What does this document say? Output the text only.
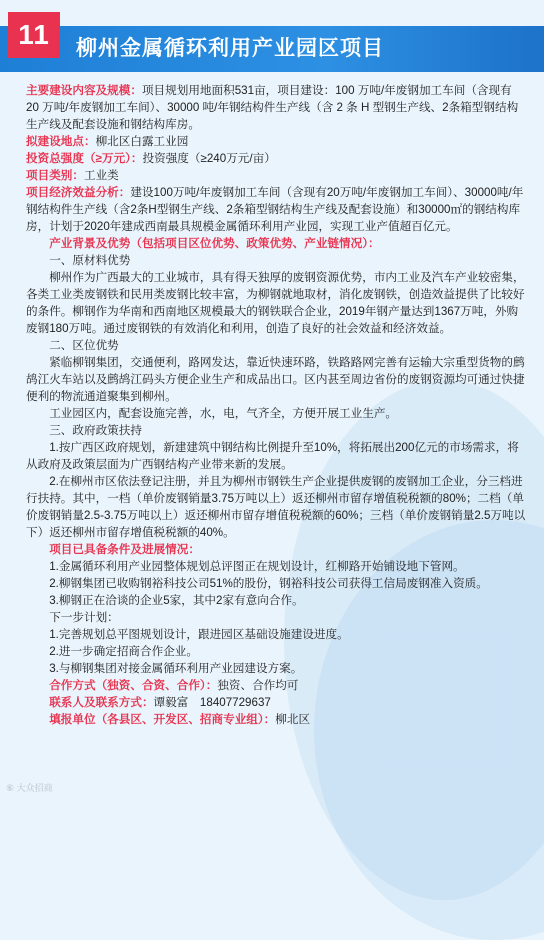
11	柳州金属循环利用产业园区项目

主要建设内容及规模：项目规划用地面积531亩，项目建设：100 万吨/年废钢加工车间（含现有 20 万吨/年废钢加工车间）、30000 吨/年钢结构件生产线（含 2 条 H 型钢生产线、2条箱型钢结构生产线及配套设施和钢结构库房。

拟建设地点：柳北区白露工业园

投资总强度（≥万元）：投资强度（≥240万元/亩）

项目类别：工业类

项目经济效益分析：建设100万吨/年废钢加工车间（含现有20万吨/年废钢加工车间）、30000吨/年钢结构件生产线（含2条H型钢生产线、2条箱型钢结构生产线及配套设施）和30000㎡的钢结构库房，计划于2020年建成西南最具规模金属循环利用产业园，实现工业产值超百亿元。

产业背景及优势（包括项目区位优势、政策优势、产业链情况）：

一、原材料优势

柳州作为广西最大的工业城市，具有得天独厚的废钢资源优势，市内工业及汽车产业较密集，各类工业类废钢铁和民用类废钢比较丰富，为柳钢就地取材，消化废钢铁，创造效益提供了比较好的条件。柳钢作为华南和西南地区规模最大的钢铁联合企业，2019年钢产量达到1367万吨，外购废钢180万吨。通过废钢铁的有效消化和利用，创造了良好的社会效益和经济效益。

二、区位优势

紧临柳钢集团，交通便利，路网发达，靠近快速环路，铁路路网完善有运输大宗重型货物的鹧鸪江火车站以及鹧鸪江码头方便企业生产和成品出口。区内甚至周边省份的废钢资源均可通过快捷便利的物流通道聚集到柳州。

工业园区内，配套设施完善，水，电，气齐全，方便开展工业生产。

三、政府政策扶持

1.按广西区政府规划，新建建筑中钢结构比例提升至10%，将拓展出200亿元的市场需求，将从政府及政策层面为广西钢结构产业带来新的发展。

2.在柳州市区依法登记注册，并且为柳州市钢铁生产企业提供废钢的废钢加工企业，分三档进行扶持。其中，一档（单价废钢销量3.75万吨以上）返还柳州市留存增值税税额的80%；二档（单价废钢销量2.5-3.75万吨以上）返还柳州市留存增值税税额的60%；三档（单价废钢销量2.5万吨以下）返还柳州市留存增值税税额的40%。

项目已具备条件及进展情况：

1.金属循环利用产业园整体规划总评图正在规划设计，红柳路开始铺设地下管网。

2.柳钢集团已收购钢裕科技公司51%的股份，钢裕科技公司获得工信局废钢准入资质。

3.柳钢正在洽谈的企业5家，其中2家有意向合作。

下一步计划：

1.完善规划总平图规划设计，跟进园区基础设施建设进度。

2.进一步确定招商合作企业。

3.与柳钢集团对接金属循环利用产业园建设方案。

合作方式（独资、合资、合作）：独资、合作均可

联系人及联系方式：谭毅富　18407729637

填报单位（各县区、开发区、招商专业组）：柳北区

⑥ 大众招商
